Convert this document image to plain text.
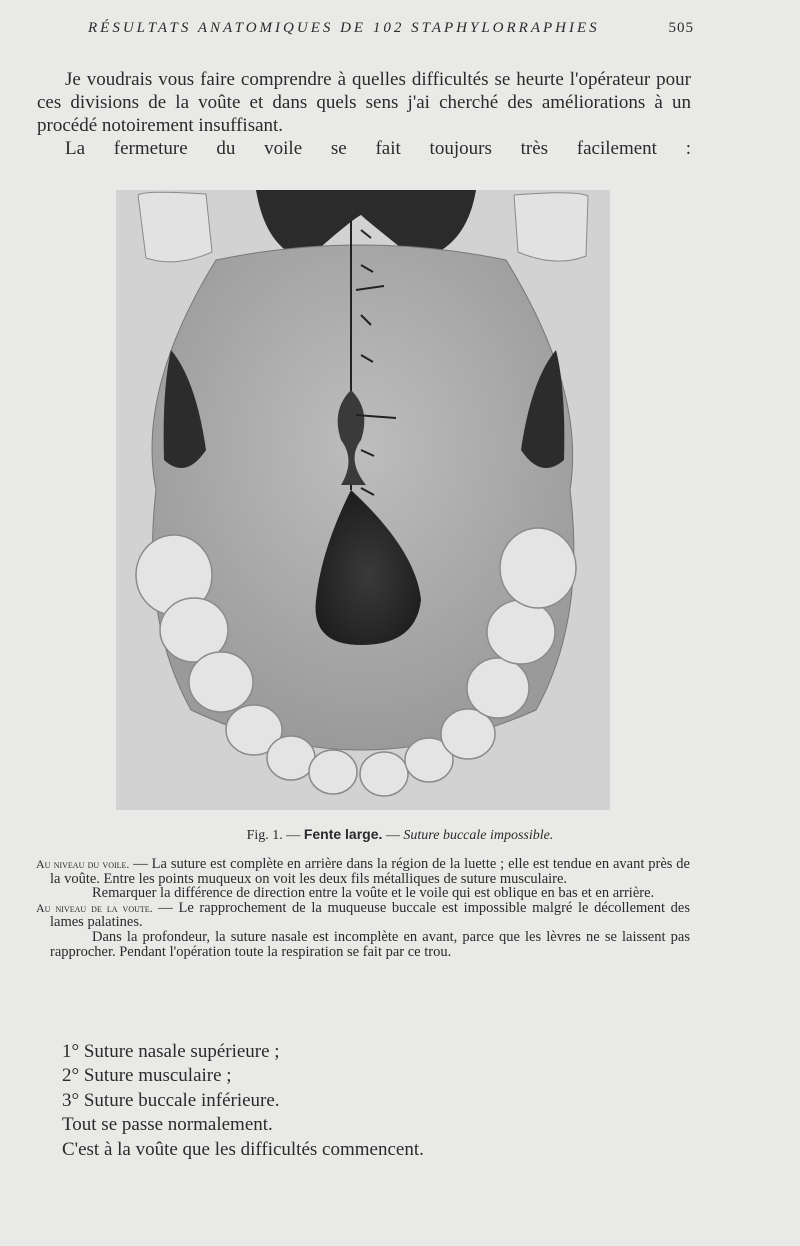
RÉSULTATS ANATOMIQUES DE 102 STAPHYLORRAPHIES	505
Je voudrais vous faire comprendre à quelles difficultés se heurte l'opérateur pour ces divisions de la voûte et dans quels sens j'ai cherché des améliorations à un procédé notoirement insuffisant.
La fermeture du voile se fait toujours très facilement :
Fig. 1. — Fente large. — Suture buccale impossible.

Au niveau du voile. — La suture est complète en arrière dans la région de la luette ; elle est tendue en avant près de la voûte. Entre les points muqueux on voit les deux fils métalliques de suture musculaire.

Remarquer la différence de direction entre la voûte et le voile qui est oblique en bas et en arrière.

Au niveau de la voute. — Le rapprochement de la muqueuse buccale est impossible malgré le décollement des lames palatines.

Dans la profondeur, la suture nasale est incomplète en avant, parce que les lèvres ne se laissent pas rapprocher. Pendant l'opération toute la respiration se fait par ce trou.

1° Suture nasale supérieure ;

2° Suture musculaire ;

3° Suture buccale inférieure.

Tout se passe normalement.

C'est à la voûte que les difficultés commencent.
